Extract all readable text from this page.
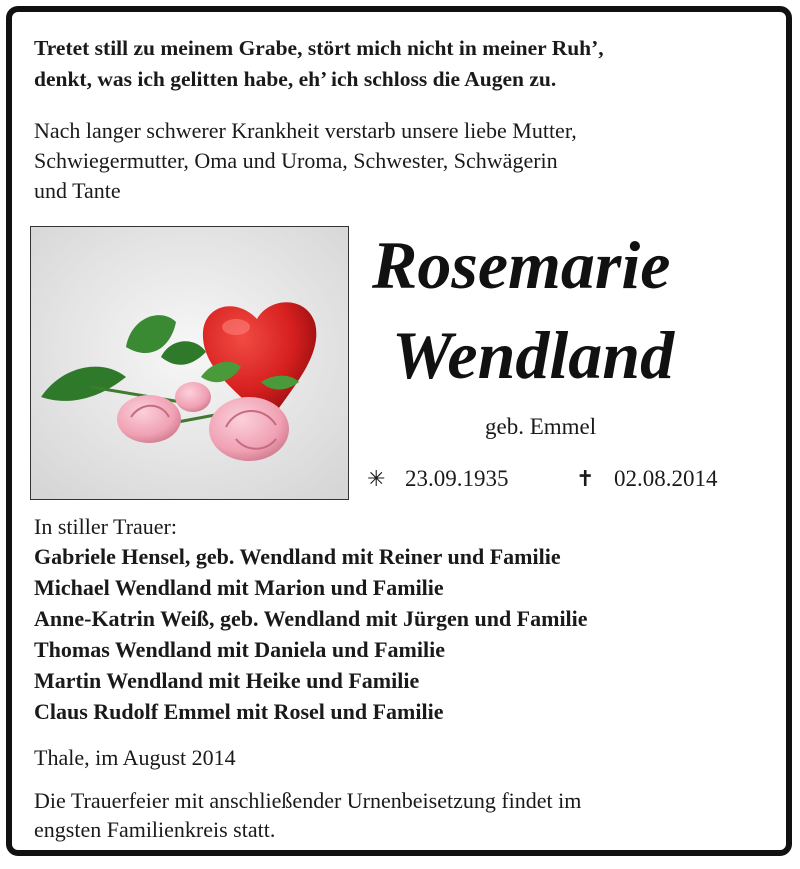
Tretet still zu meinem Grabe, stört mich nicht in meiner Ruh’,
denkt, was ich gelitten habe, eh’ ich schloss die Augen zu.
Nach langer schwerer Krankheit verstarb unsere liebe Mutter,
Schwiegermutter, Oma und Uroma, Schwester, Schwägerin
und Tante
Rosemarie
Wendland
geb. Emmel
✳ 23.09.1935	✝ 02.08.2014
In stiller Trauer:
Gabriele Hensel, geb. Wendland mit Reiner und Familie
Michael Wendland mit Marion und Familie
Anne-Katrin Weiß, geb. Wendland mit Jürgen und Familie
Thomas Wendland mit Daniela und Familie
Martin Wendland mit Heike und Familie
Claus Rudolf Emmel mit Rosel und Familie
Thale, im August 2014
Die Trauerfeier mit anschließender Urnenbeisetzung findet im
engsten Familienkreis statt.
